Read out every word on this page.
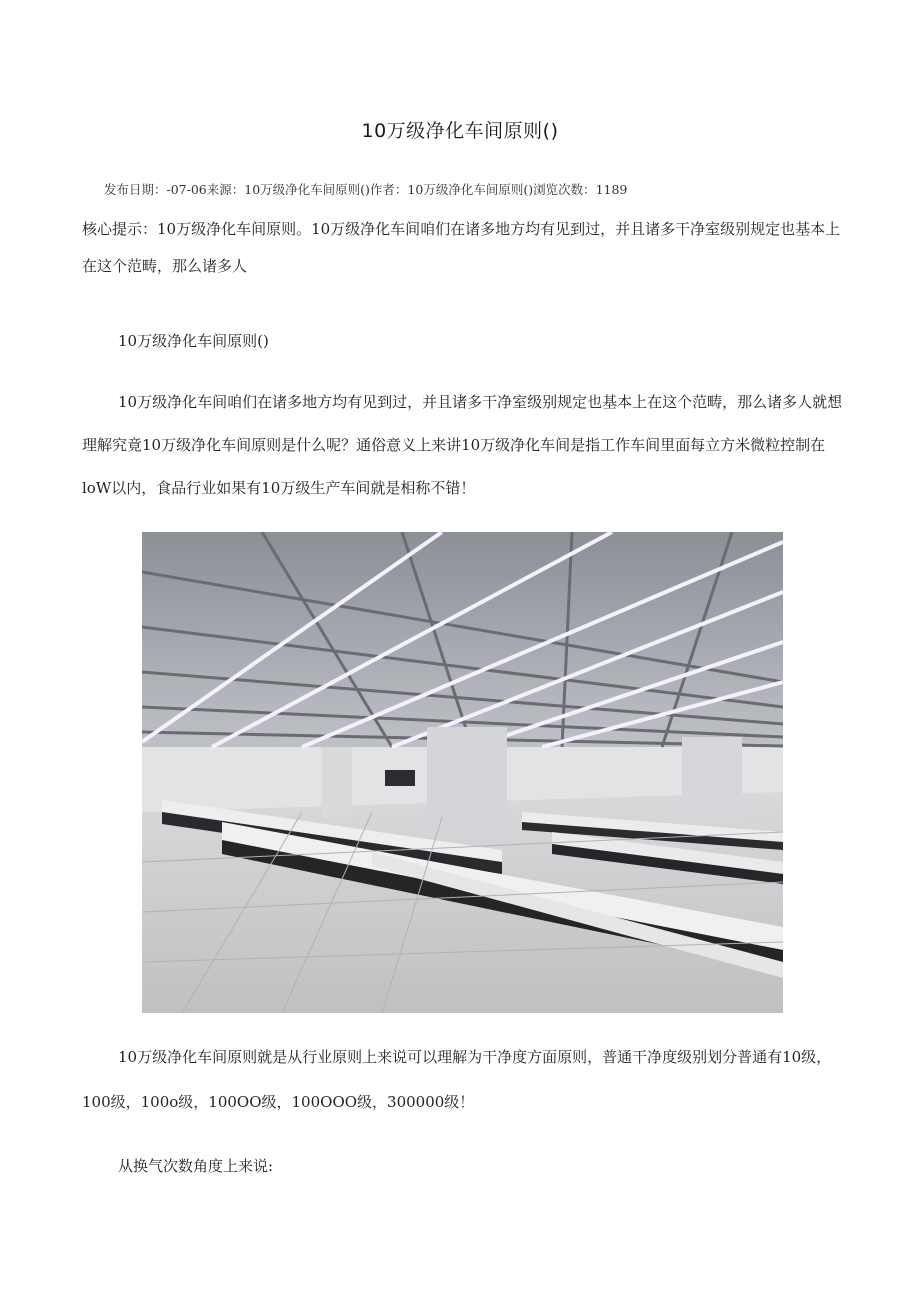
10万级净化车间原则()
发布日期：-07-06来源：10万级净化车间原则()作者：10万级净化车间原则()浏览次数：1189
核心提示：10万级净化车间原则。10万级净化车间咱们在诸多地方均有见到过，并且诸多干净室级别规定也基本上在这个范畴，那么诸多人
10万级净化车间原则()
10万级净化车间咱们在诸多地方均有见到过，并且诸多干净室级别规定也基本上在这个范畴，那么诸多人就想理解究竟10万级净化车间原则是什么呢？通俗意义上来讲10万级净化车间是指工作车间里面每立方米微粒控制在loW以内，食品行业如果有10万级生产车间就是相称不错！
10万级净化车间原则就是从行业原则上来说可以理解为干净度方面原则，普通干净度级别划分普通有10级，100级，100o级，100OO级，100OOO级，300000级！
从换气次数角度上来说:
